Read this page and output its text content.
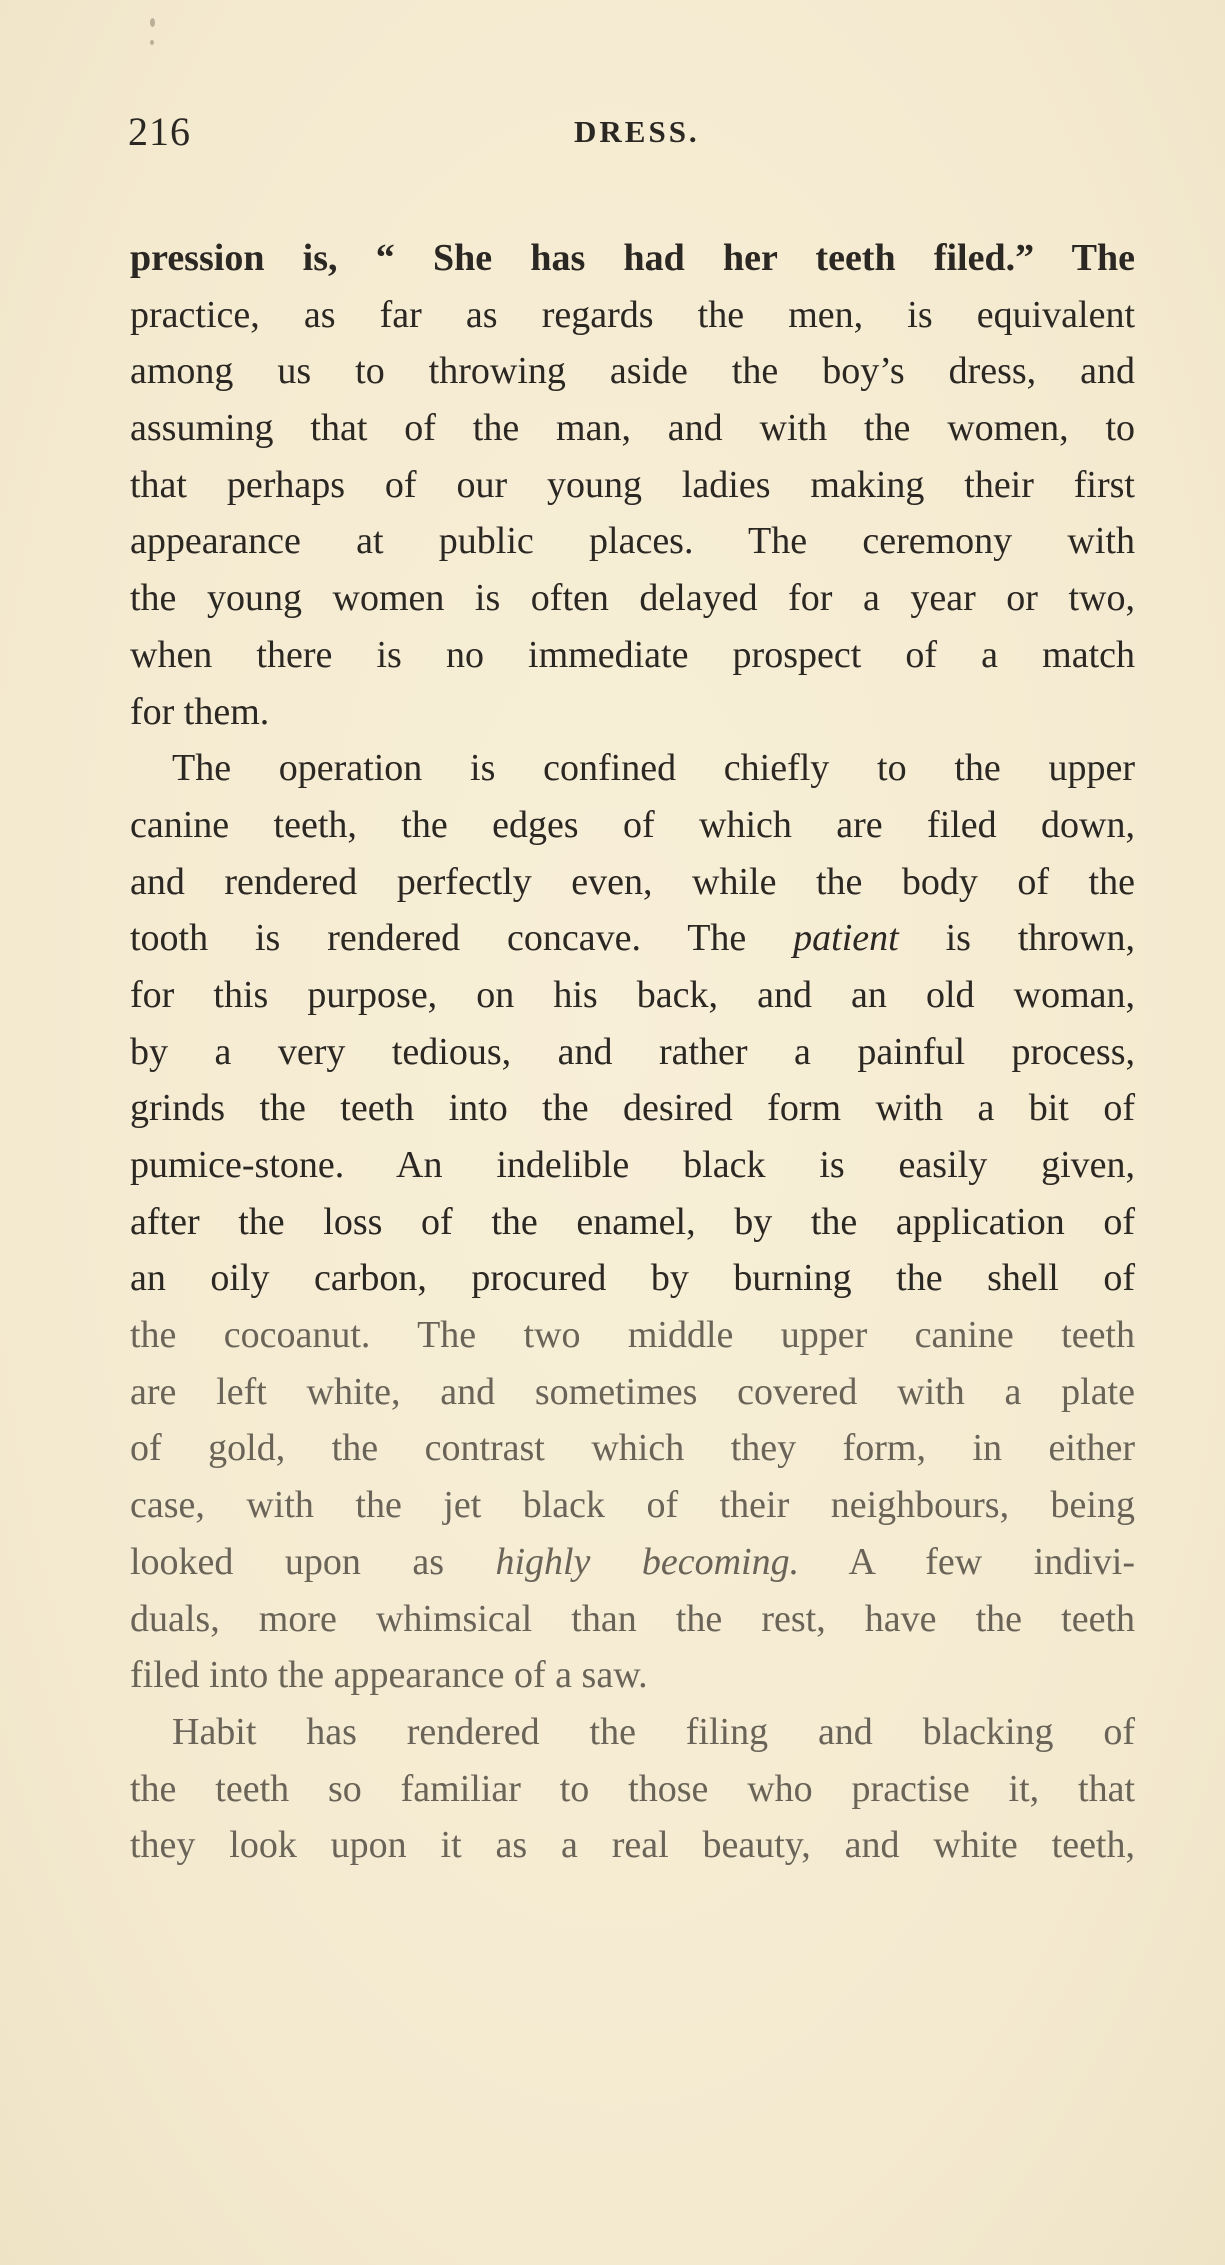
216	DRESS.
pression is, “ She has had her teeth filed.” The
practice, as far as regards the men, is equivalent
among us to throwing aside the boy’s dress, and
assuming that of the man, and with the women, to
that perhaps of our young ladies making their first
appearance at public places. The ceremony with
the young women is often delayed for a year or two,
when there is no immediate prospect of a match
for them.
The operation is confined chiefly to the upper
canine teeth, the edges of which are filed down,
and rendered perfectly even, while the body of the
tooth is rendered concave. The patient is thrown,
for this purpose, on his back, and an old woman,
by a very tedious, and rather a painful process,
grinds the teeth into the desired form with a bit of
pumice-stone. An indelible black is easily given,
after the loss of the enamel, by the application of
an oily carbon, procured by burning the shell of
the cocoanut. The two middle upper canine teeth
are left white, and sometimes covered with a plate
of gold, the contrast which they form, in either
case, with the jet black of their neighbours, being
looked upon as highly becoming. A few indivi-
duals, more whimsical than the rest, have the teeth
filed into the appearance of a saw.
Habit has rendered the filing and blacking of
the teeth so familiar to those who practise it, that
they look upon it as a real beauty, and white teeth,
